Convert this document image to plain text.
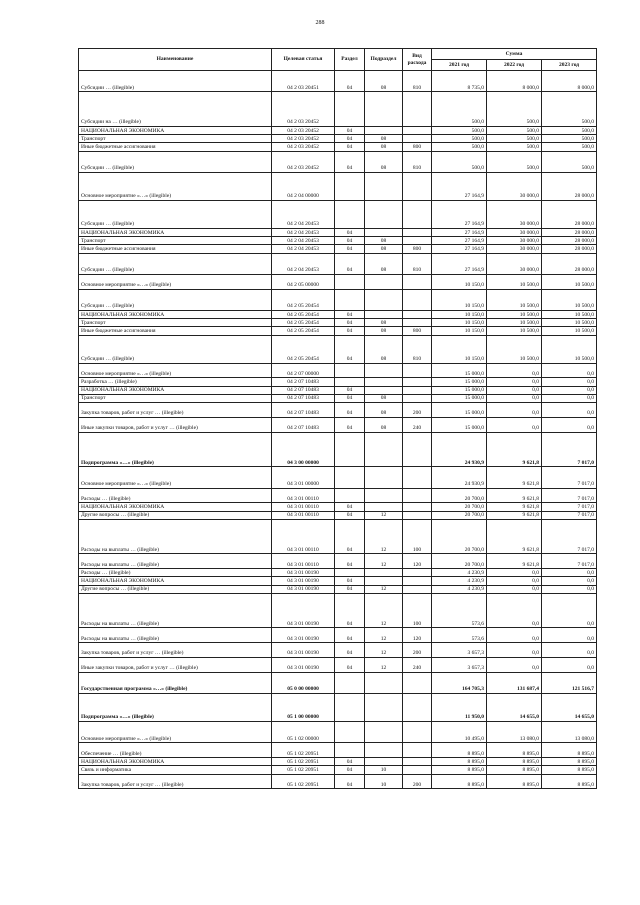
288
Наименование	Целевая статья	Раздел	Подраздел	Вид расхода	Сумма		
					2021 год	2022 год	2023 год
Субсидии … (illegible)	04 2 03 20451	04	08	810	8 735,0	8 000,0	8 000,0
Субсидии на … (illegible)	04 2 03 20452				500,0	500,0	500,0
НАЦИОНАЛЬНАЯ ЭКОНОМИКА	04 2 03 20452	04			500,0	500,0	500,0
Транспорт	04 2 03 20452	04	08		500,0	500,0	500,0
Иные бюджетные ассигнования	04 2 03 20452	04	08	800	500,0	500,0	500,0
Субсидии … (illegible)	04 2 03 20452	04	08	810	500,0	500,0	500,0
Основное мероприятие «…» (illegible)	04 2 04 00000				27 164,9	30 000,0	28 000,0
Субсидии … (illegible)	04 2 04 20453				27 164,9	30 000,0	28 000,0
НАЦИОНАЛЬНАЯ ЭКОНОМИКА	04 2 04 20453	04			27 164,9	30 000,0	28 000,0
Транспорт	04 2 04 20453	04	08		27 164,9	30 000,0	28 000,0
Иные бюджетные ассигнования	04 2 04 20453	04	08	800	27 164,9	30 000,0	28 000,0
Субсидии … (illegible)	04 2 04 20453	04	08	810	27 164,9	30 000,0	28 000,0
Основное мероприятие «…» (illegible)	04 2 05 00000				10 150,0	10 500,0	10 500,0
Субсидии … (illegible)	04 2 05 20454				10 150,0	10 500,0	10 500,0
НАЦИОНАЛЬНАЯ ЭКОНОМИКА	04 2 05 20454	04			10 150,0	10 500,0	10 500,0
Транспорт	04 2 05 20454	04	08		10 150,0	10 500,0	10 500,0
Иные бюджетные ассигнования	04 2 05 20454	04	08	800	10 150,0	10 500,0	10 500,0
Субсидии … (illegible)	04 2 05 20454	04	08	810	10 150,0	10 500,0	10 500,0
Основное мероприятие «…» (illegible)	04 2 07 00000				15 000,0	0,0	0,0
Разработка … (illegible)	04 2 07 10483				15 000,0	0,0	0,0
НАЦИОНАЛЬНАЯ ЭКОНОМИКА	04 2 07 10483	04			15 000,0	0,0	0,0
Транспорт	04 2 07 10483	04	08		15 000,0	0,0	0,0
Закупка товаров, работ и услуг … (illegible)	04 2 07 10483	04	08	200	15 000,0	0,0	0,0
Иные закупки товаров, работ и услуг … (illegible)	04 2 07 10483	04	08	240	15 000,0	0,0	0,0
Подпрограмма «…» (illegible)	04 3 00 00000				24 930,9	9 621,8	7 017,0
Основное мероприятие «…» (illegible)	04 3 01 00000				24 930,9	9 621,8	7 017,0
Расходы … (illegible)	04 3 01 00110				20 700,0	9 621,8	7 017,0
НАЦИОНАЛЬНАЯ ЭКОНОМИКА	04 3 01 00110	04			20 700,0	9 621,8	7 017,0
Другие вопросы … (illegible)	04 3 01 00110	04	12		20 700,0	9 621,8	7 017,0
Расходы на выплаты … (illegible)	04 3 01 00110	04	12	100	20 700,0	9 621,8	7 017,0
Расходы на выплаты … (illegible)	04 3 01 00110	04	12	120	20 700,0	9 621,8	7 017,0
Расходы … (illegible)	04 3 01 00190				4 230,9	0,0	0,0
НАЦИОНАЛЬНАЯ ЭКОНОМИКА	04 3 01 00190	04			4 230,9	0,0	0,0
Другие вопросы … (illegible)	04 3 01 00190	04	12		4 230,9	0,0	0,0
Расходы на выплаты … (illegible)	04 3 01 00190	04	12	100	573,6	0,0	0,0
Расходы на выплаты … (illegible)	04 3 01 00190	04	12	120	573,6	0,0	0,0
Закупка товаров, работ и услуг … (illegible)	04 3 01 00190	04	12	200	3 657,3	0,0	0,0
Иные закупки товаров, работ и услуг … (illegible)	04 3 01 00190	04	12	240	3 657,3	0,0	0,0
Государственная программа «…» (illegible)	05 0 00 00000				164 705,3	131 687,4	121 516,7
Подпрограмма «…» (illegible)	05 1 00 00000				11 950,0	14 655,0	14 655,0
Основное мероприятие «…» (illegible)	05 1 02 00000				10 495,0	13 080,0	13 080,0
Обеспечение … (illegible)	05 1 02 20951				8 895,0	8 895,0	8 895,0
НАЦИОНАЛЬНАЯ ЭКОНОМИКА	05 1 02 20951	04			8 895,0	8 895,0	8 895,0
Связь и информатика	05 1 02 20951	04	10		8 895,0	8 895,0	8 895,0
Закупка товаров, работ и услуг … (illegible)	05 1 02 20951	04	10	200	8 895,0	8 895,0	8 895,0
